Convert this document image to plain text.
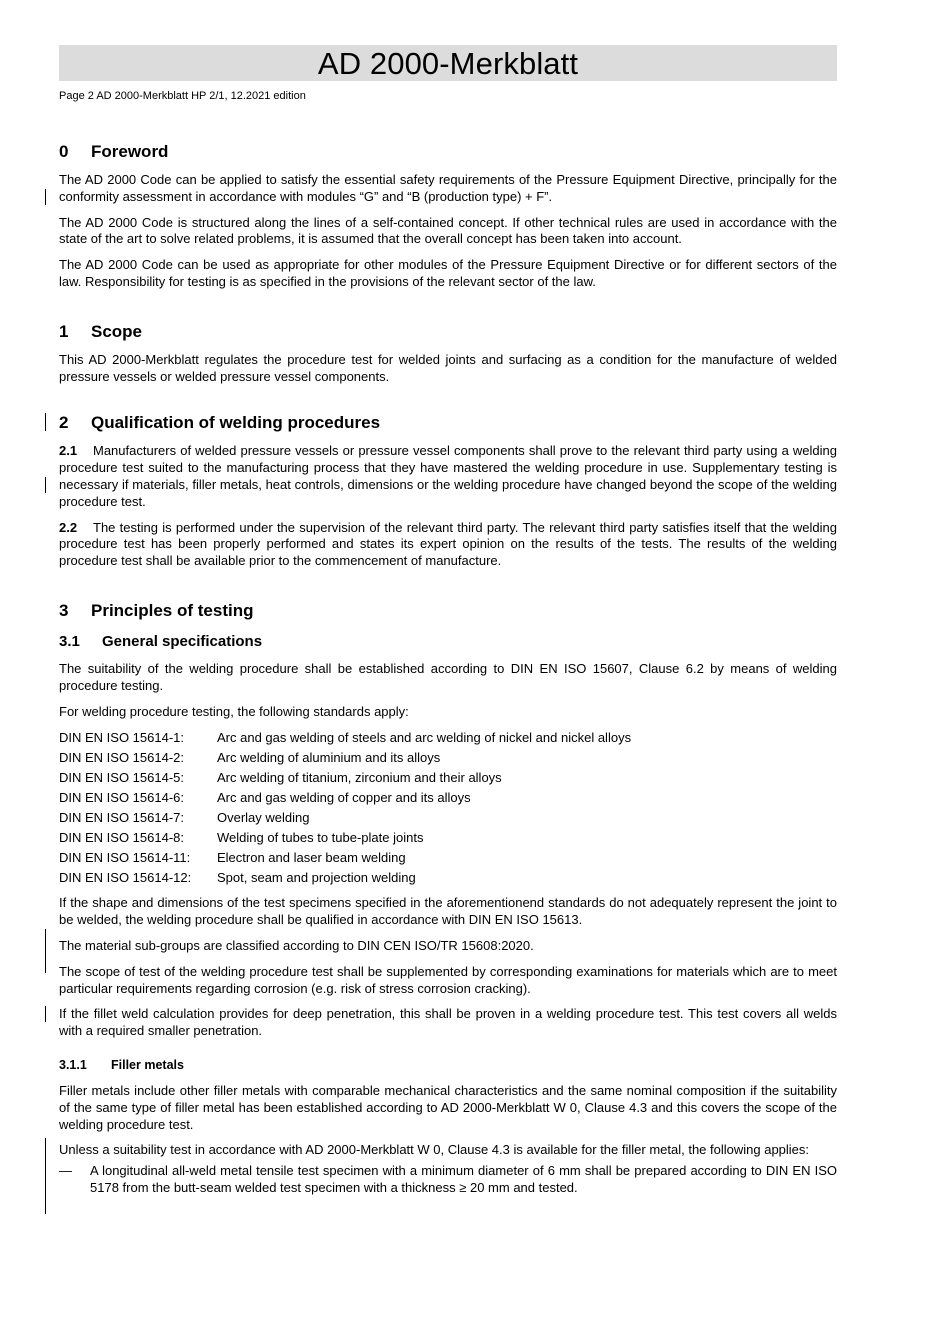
AD 2000-Merkblatt
Page 2 AD 2000-Merkblatt HP 2/1, 12.2021 edition
0 Foreword

The AD 2000 Code can be applied to satisfy the essential safety requirements of the Pressure Equipment Directive, principally for the conformity assessment in accordance with modules “G” and “B (production type) + F”.

The AD 2000 Code is structured along the lines of a self-contained concept. If other technical rules are used in accordance with the state of the art to solve related problems, it is assumed that the overall concept has been taken into account.

The AD 2000 Code can be used as appropriate for other modules of the Pressure Equipment Directive or for different sectors of the law. Responsibility for testing is as specified in the provisions of the relevant sector of the law.

1 Scope

This AD 2000-Merkblatt regulates the procedure test for welded joints and surfacing as a condition for the manufacture of welded pressure vessels or welded pressure vessel components.

2 Qualification of welding procedures

2.1 Manufacturers of welded pressure vessels or pressure vessel components shall prove to the relevant third party using a welding procedure test suited to the manufacturing process that they have mastered the welding procedure in use. Supplementary testing is necessary if materials, filler metals, heat controls, dimensions or the welding procedure have changed beyond the scope of the welding procedure test.

2.2 The testing is performed under the supervision of the relevant third party. The relevant third party satisfies itself that the welding procedure test has been properly performed and states its expert opinion on the results of the tests. The results of the welding procedure test shall be available prior to the commencement of manufacture.

3 Principles of testing
3.1 General specifications

The suitability of the welding procedure shall be established according to DIN EN ISO 15607, Clause 6.2 by means of welding procedure testing.

For welding procedure testing, the following standards apply:

DIN EN ISO 15614-1:	Arc and gas welding of steels and arc welding of nickel and nickel alloys
DIN EN ISO 15614-2:	Arc welding of aluminium and its alloys
DIN EN ISO 15614-5:	Arc welding of titanium, zirconium and their alloys
DIN EN ISO 15614-6:	Arc and gas welding of copper and its alloys
DIN EN ISO 15614-7:	Overlay welding
DIN EN ISO 15614-8:	Welding of tubes to tube-plate joints
DIN EN ISO 15614-11:	Electron and laser beam welding
DIN EN ISO 15614-12:	Spot, seam and projection welding

If the shape and dimensions of the test specimens specified in the aforementionend standards do not adequately represent the joint to be welded, the welding procedure shall be qualified in accordance with DIN EN ISO 15613.

The material sub-groups are classified according to DIN CEN ISO/TR 15608:2020.

The scope of test of the welding procedure test shall be supplemented by corresponding examinations for materials which are to meet particular requirements regarding corrosion (e.g. risk of stress corrosion cracking).

If the fillet weld calculation provides for deep penetration, this shall be proven in a welding procedure test. This test covers all welds with a required smaller penetration.

3.1.1 Filler metals

Filler metals include other filler metals with comparable mechanical characteristics and the same nominal composition if the suitability of the same type of filler metal has been established according to AD 2000-Merkblatt W 0, Clause 4.3 and this covers the scope of the welding procedure test.

Unless a suitability test in accordance with AD 2000-Merkblatt W 0, Clause 4.3 is available for the filler metal, the following applies:

—	A longitudinal all-weld metal tensile test specimen with a minimum diameter of 6 mm shall be prepared according to DIN EN ISO 5178 from the butt-seam welded test specimen with a thickness ≥ 20 mm and tested.
